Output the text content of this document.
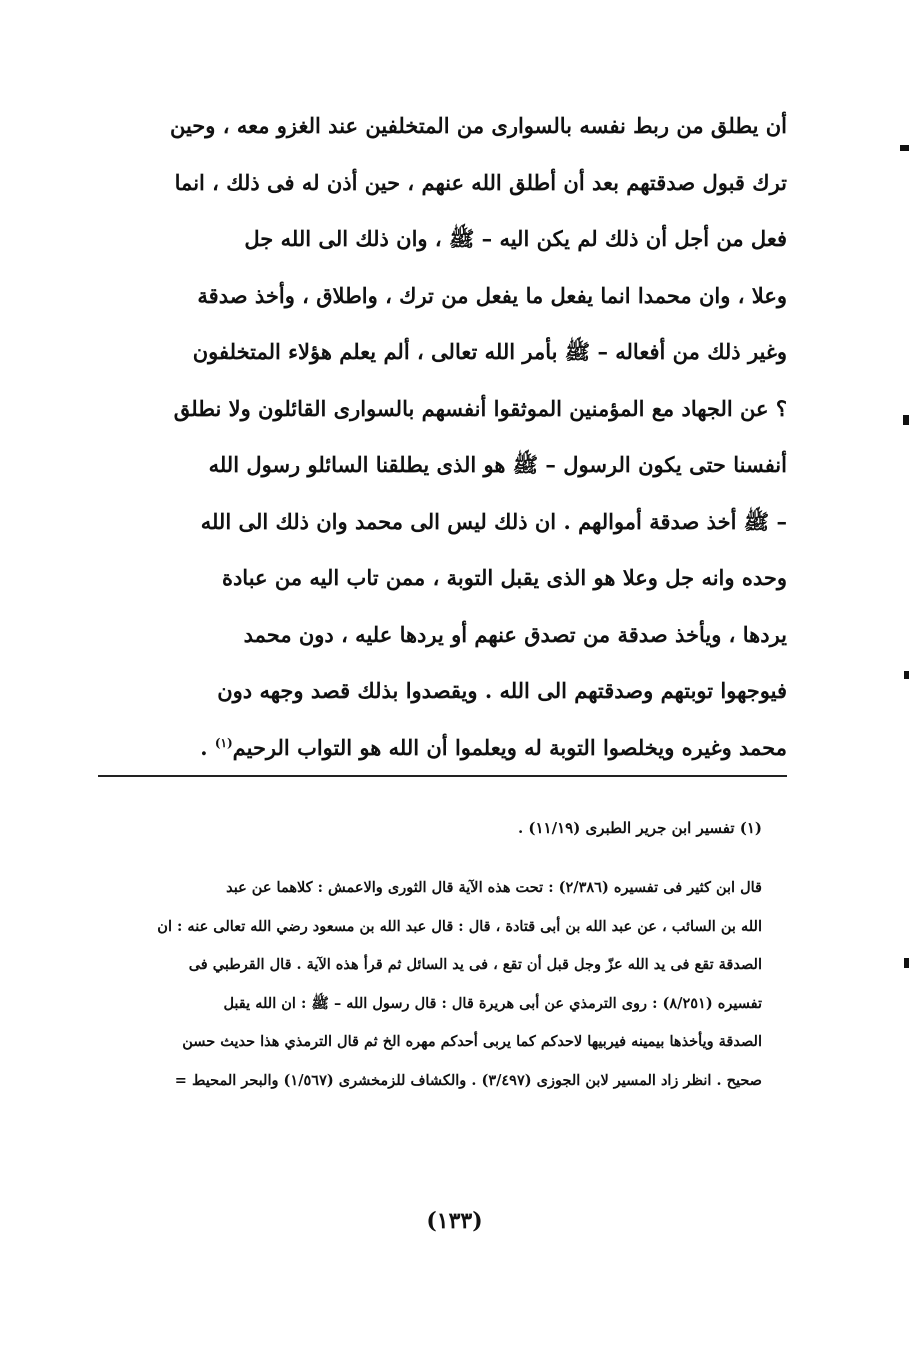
أن يطلق من ربط نفسه بالسوارى من المتخلفين عند الغزو معه ، وحين
ترك قبول صدقتهم بعد أن أطلق الله عنهم ، حين أذن له فى ذلك ، انما
فعل من أجل أن ذلك لم يكن اليه – ﷺ ، وان ذلك الى الله جل
وعلا ، وان محمدا انما يفعل ما يفعل من ترك ، واطلاق ، وأخذ صدقة
وغير ذلك من أفعاله – ﷺ بأمر الله تعالى ، ألم يعلم هؤلاء المتخلفون
؟ عن الجهاد مع المؤمنين الموثقوا أنفسهم بالسوارى القائلون ولا نطلق
أنفسنا حتى يكون الرسول – ﷺ هو الذى يطلقنا السائلو رسول الله
– ﷺ أخذ صدقة أموالهم . ان ذلك ليس الى محمد وان ذلك الى الله
وحده وانه جل وعلا هو الذى يقبل التوبة ، ممن تاب اليه من عبادة
يردها ، ويأخذ صدقة من تصدق عنهم أو يردها عليه ، دون محمد
فيوجهوا توبتهم وصدقتهم الى الله . ويقصدوا بذلك قصد وجهه دون
محمد وغيره ويخلصوا التوبة له ويعلموا أن الله هو التواب الرحيم$^{(١)}$ .
(١) تفسير ابن جرير الطبرى (١١/١٩) .
قال ابن كثير فى تفسيره (٢/٣٨٦) : تحت هذه الآية قال الثورى والاعمش : كلاهما عن عبد
الله بن السائب ، عن عبد الله بن أبى قتادة ، قال : قال عبد الله بن مسعود رضي الله تعالى عنه : ان
الصدقة تقع فى يد الله عزّ وجل قبل أن تقع ، فى يد السائل ثم قرأ هذه الآية . قال القرطبي فى
تفسيره (٨/٢٥١) : روى الترمذي عن أبى هريرة قال : قال رسول الله – ﷺ : ان الله يقبل
الصدقة ويأخذها بيمينه فيربيها لاحدكم كما يربى أحدكم مهره الخ ثم قال الترمذي هذا حديث حسن
صحيح . انظر زاد المسير لابن الجوزى (٣/٤٩٧) . والكشاف للزمخشرى (١/٥٦٧) والبحر المحيط =
(١٣٣)
